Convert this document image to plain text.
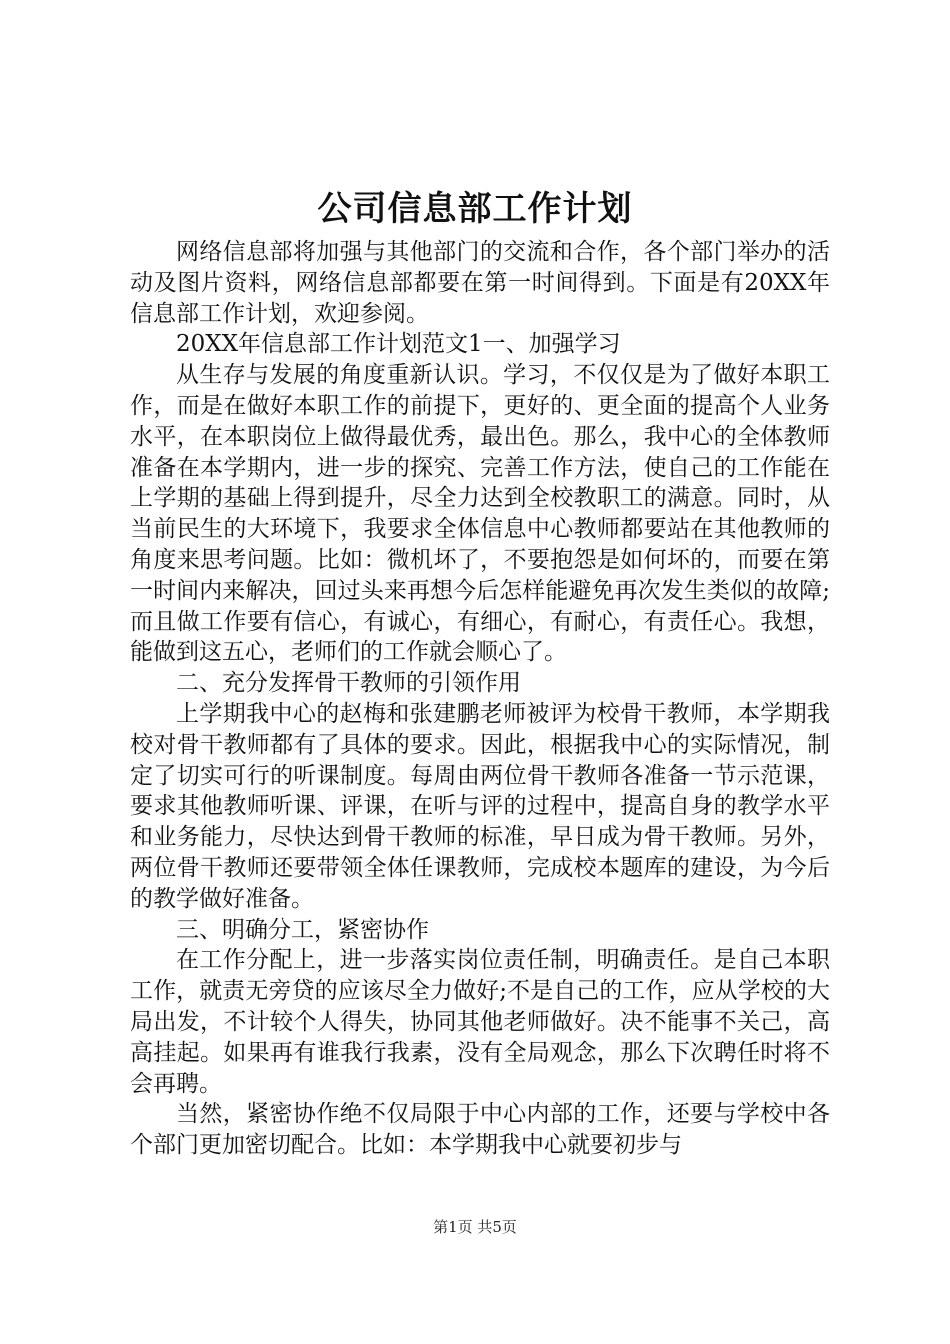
公司信息部工作计划

网络信息部将加强与其他部门的交流和合作，各个部门举办的活动及图片资料，网络信息部都要在第一时间得到。下面是有20XX年信息部工作计划，欢迎参阅。

20XX年信息部工作计划范文1一、加强学习

从生存与发展的角度重新认识。学习，不仅仅是为了做好本职工作，而是在做好本职工作的前提下，更好的、更全面的提高个人业务水平，在本职岗位上做得最优秀，最出色。那么，我中心的全体教师准备在本学期内，进一步的探究、完善工作方法，使自己的工作能在上学期的基础上得到提升，尽全力达到全校教职工的满意。同时，从当前民生的大环境下，我要求全体信息中心教师都要站在其他教师的角度来思考问题。比如：微机坏了，不要抱怨是如何坏的，而要在第一时间内来解决，回过头来再想今后怎样能避免再次发生类似的故障;而且做工作要有信心，有诚心，有细心，有耐心，有责任心。我想，能做到这五心，老师们的工作就会顺心了。

二、充分发挥骨干教师的引领作用

上学期我中心的赵梅和张建鹏老师被评为校骨干教师，本学期我校对骨干教师都有了具体的要求。因此，根据我中心的实际情况，制定了切实可行的听课制度。每周由两位骨干教师各准备一节示范课，要求其他教师听课、评课，在听与评的过程中，提高自身的教学水平和业务能力，尽快达到骨干教师的标准，早日成为骨干教师。另外，两位骨干教师还要带领全体任课教师，完成校本题库的建设，为今后的教学做好准备。

三、明确分工，紧密协作

在工作分配上，进一步落实岗位责任制，明确责任。是自己本职工作，就责无旁贷的应该尽全力做好;不是自己的工作，应从学校的大局出发，不计较个人得失，协同其他老师做好。决不能事不关己，高高挂起。如果再有谁我行我素，没有全局观念，那么下次聘任时将不会再聘。

当然，紧密协作绝不仅局限于中心内部的工作，还要与学校中各个部门更加密切配合。比如：本学期我中心就要初步与

第1页 共5页
